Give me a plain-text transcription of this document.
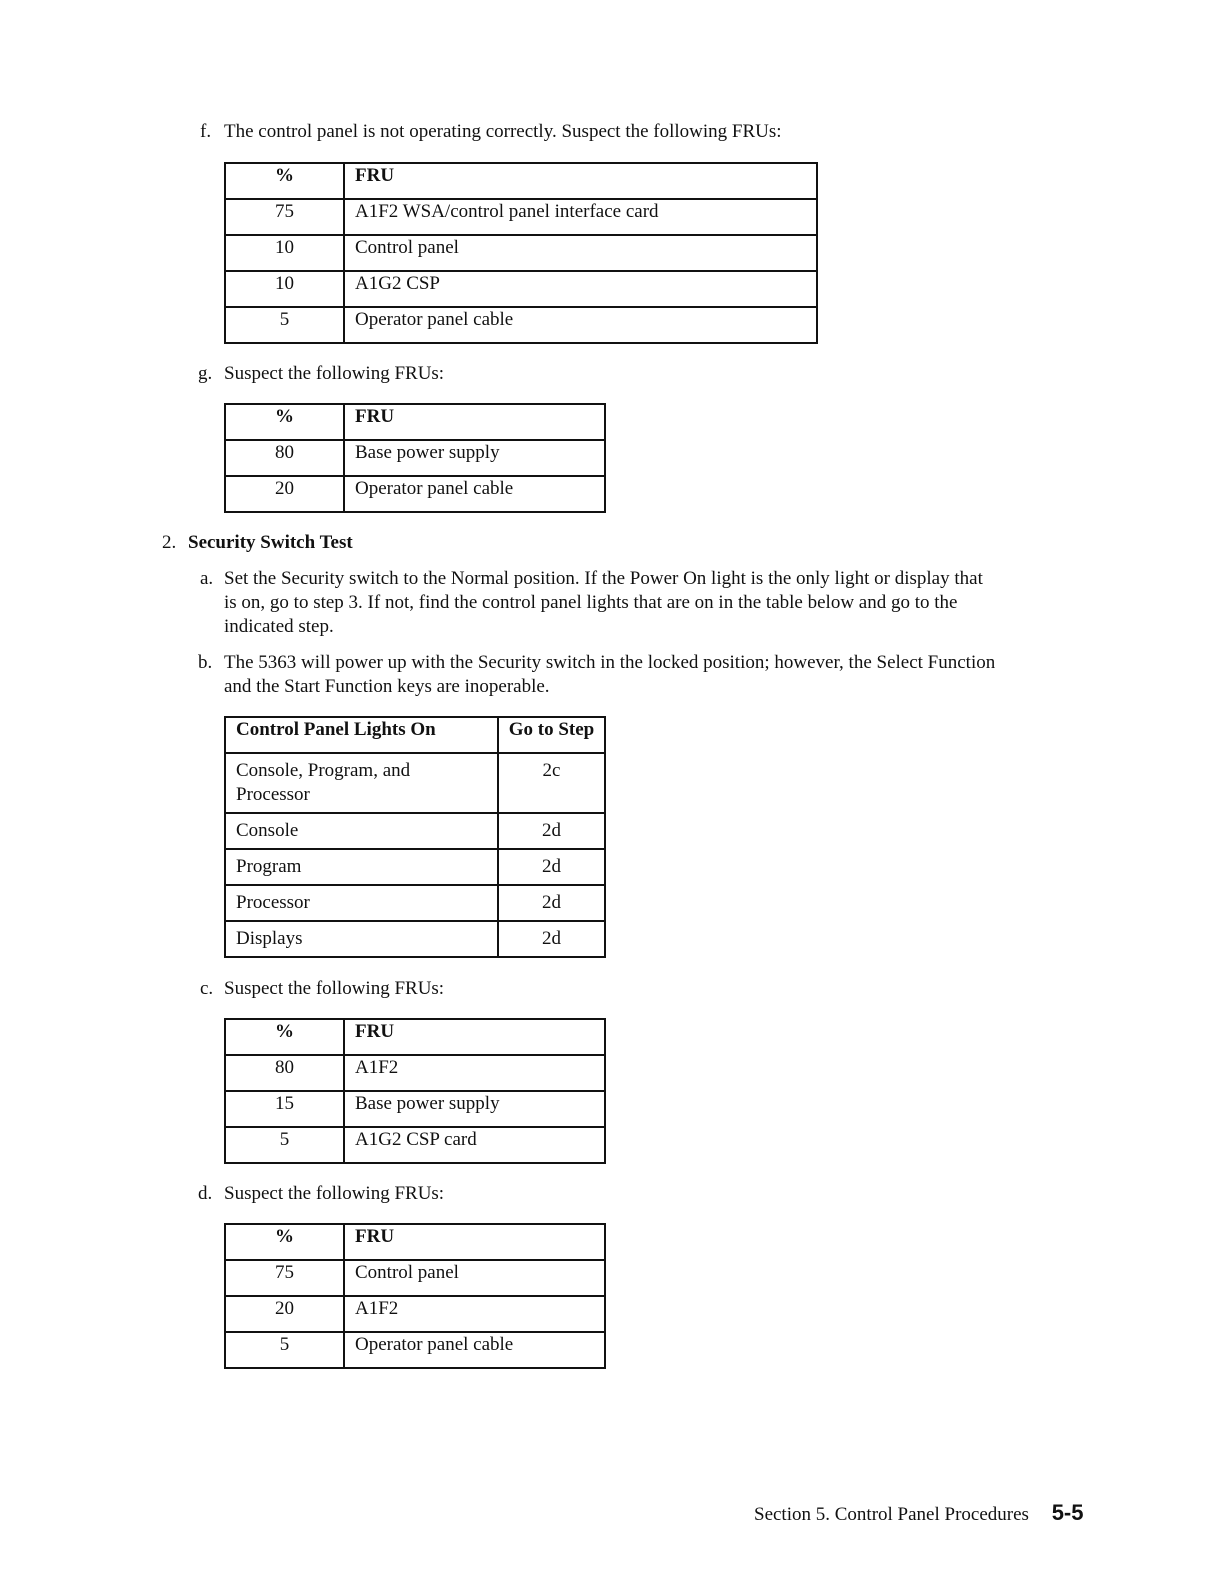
f. The control panel is not operating correctly. Suspect the following FRUs:
%	FRU
75	A1F2 WSA/control panel interface card
10	Control panel
10	A1G2 CSP
5	Operator panel cable
g. Suspect the following FRUs:
%	FRU
80	Base power supply
20	Operator panel cable
2. Security Switch Test
a. Set the Security switch to the Normal position. If the Power On light is the only light or display that
is on, go to step 3. If not, find the control panel lights that are on in the table below and go to the
indicated step.
b. The 5363 will power up with the Security switch in the locked position; however, the Select Function
and the Start Function keys are inoperable.
Control Panel Lights On	Go to Step

Console, Program, and
Processor	2c
Console	2d
Program	2d
Processor	2d
Displays	2d
c. Suspect the following FRUs:
%	FRU
80	A1F2
15	Base power supply
5	A1G2 CSP card
d. Suspect the following FRUs:
%	FRU
75	Control panel
20	A1F2
5	Operator panel cable
Section 5. Control Panel Procedures 5-5
